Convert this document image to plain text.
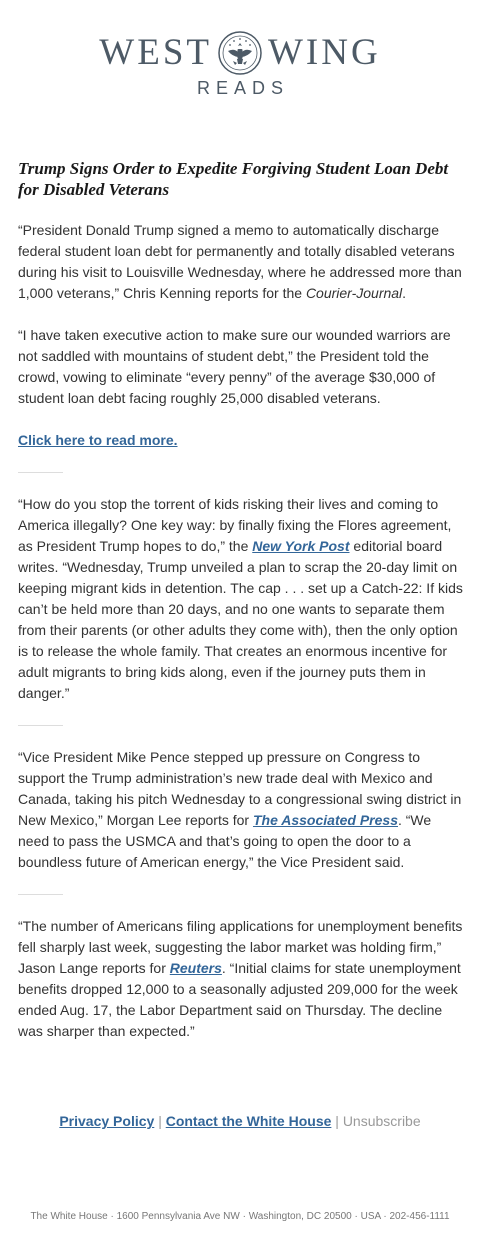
WEST WING
READS
Trump Signs Order to Expedite Forgiving Student Loan Debt for Disabled Veterans

“President Donald Trump signed a memo to automatically discharge federal student loan debt for permanently and totally disabled veterans during his visit to Louisville Wednesday, where he addressed more than 1,000 veterans,” Chris Kenning reports for the Courier-Journal.

“I have taken executive action to make sure our wounded warriors are not saddled with mountains of student debt,” the President told the crowd, vowing to eliminate “every penny” of the average $30,000 of student loan debt facing roughly 25,000 disabled veterans.

Click here to read more.

“How do you stop the torrent of kids risking their lives and coming to America illegally? One key way: by finally fixing the Flores agreement, as President Trump hopes to do,” the New York Post editorial board writes. “Wednesday, Trump unveiled a plan to scrap the 20-day limit on keeping migrant kids in detention. The cap . . . set up a Catch-22: If kids can’t be held more than 20 days, and no one wants to separate them from their parents (or other adults they come with), then the only option is to release the whole family. That creates an enormous incentive for adult migrants to bring kids along, even if the journey puts them in danger.”

“Vice President Mike Pence stepped up pressure on Congress to support the Trump administration’s new trade deal with Mexico and Canada, taking his pitch Wednesday to a congressional swing district in New Mexico,” Morgan Lee reports for The Associated Press. “We need to pass the USMCA and that’s going to open the door to a boundless future of American energy,” the Vice President said.

“The number of Americans filing applications for unemployment benefits fell sharply last week, suggesting the labor market was holding firm,” Jason Lange reports for Reuters. “Initial claims for state unemployment benefits dropped 12,000 to a seasonally adjusted 209,000 for the week ended Aug. 17, the Labor Department said on Thursday. The decline was sharper than expected.”

Privacy Policy | Contact the White House | Unsubscribe
The White House · 1600 Pennsylvania Ave NW · Washington, DC 20500 · USA · 202-456-1111
